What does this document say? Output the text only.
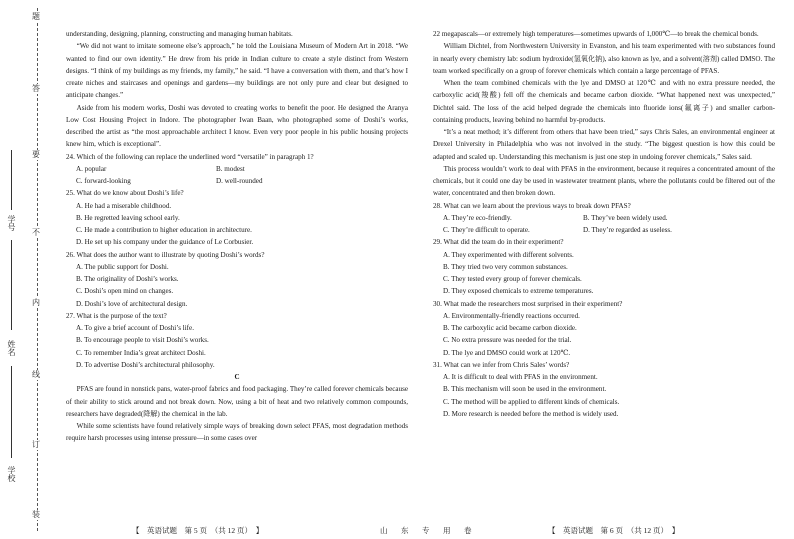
题
答
要
不
内
线
订
装
学号
姓名
学校

understanding, designing, planning, constructing and managing human habitats.

“We did not want to imitate someone else’s approach,” he told the Louisiana Museum of Modern Art in 2018. “We wanted to find our own identity.” He drew from his pride in Indian culture to create a style distinct from Western designs. “I think of my buildings as my friends, my family,” he said. “I have a conversation with them, and that’s how I create niches and staircases and openings and gardens—my buildings are not only pure and clear but designed to anticipate changes.”

Aside from his modern works, Doshi was devoted to creating works to benefit the poor. He designed the Aranya Low Cost Housing Project in Indore. The photographer Iwan Baan, who photographed some of Doshi’s works, described the artist as “the most approachable architect I know. Even very poor people in his public housing projects knew him, which is exceptional”.

24. Which of the following can replace the underlined word “versatile” in paragraph 1?

A. popular	B. modest

C. forward-looking	D. well-rounded

25. What do we know about Doshi’s life?

A. He had a miserable childhood.

B. He regretted leaving school early.

C. He made a contribution to higher education in architecture.

D. He set up his company under the guidance of Le Corbusier.

26. What does the author want to illustrate by quoting Doshi’s words?

A. The public support for Doshi.

B. The originality of Doshi’s works.

C. Doshi’s open mind on changes.

D. Doshi’s love of architectural design.

27. What is the purpose of the text?

A. To give a brief account of Doshi’s life.

B. To encourage people to visit Doshi’s works.

C. To remember India’s great architect Doshi.

D. To advertise Doshi’s architectural philosophy.

C

PFAS are found in nonstick pans, water-proof fabrics and food packaging. They’re called forever chemicals because of their ability to stick around and not break down. Now, using a bit of heat and two relatively common compounds, researchers have degraded(降解) the chemical in the lab.

While some scientists have found relatively simple ways of breaking down select PFAS, most degradation methods require harsh processes using intense pressure—in some cases over

22 megapascals—or extremely high temperatures—sometimes upwards of 1,000℃—to break the chemical bonds.

William Dichtel, from Northwestern University in Evanston, and his team experimented with two substances found in nearly every chemistry lab: sodium hydroxide(氢氧化钠), also known as lye, and a solvent(溶剂) called DMSO. The team worked specifically on a group of forever chemicals which contain a large percentage of PFAS.

When the team combined chemicals with the lye and DMSO at 120℃ and with no extra pressure needed, the carboxylic acid(羧酸) fell off the chemicals and became carbon dioxide. “What happened next was unexpected,” Dichtel said. The loss of the acid helped degrade the chemicals into fluoride ions(氟离子) and smaller carbon-containing products, leaving behind no harmful by-products.

“It’s a neat method; it’s different from others that have been tried,” says Chris Sales, an environmental engineer at Drexel University in Philadelphia who was not involved in the study. “The biggest question is how this could be adapted and scaled up. Understanding this mechanism is just one step in undoing forever chemicals,” Sales said.

This process wouldn’t work to deal with PFAS in the environment, because it requires a concentrated amount of the chemicals, but it could one day be used in wastewater treatment plants, where the pollutants could be filtered out of the water, concentrated and then broken down.

28. What can we learn about the previous ways to break down PFAS?

A. They’re eco-friendly.	B. They’ve been widely used.

C. They’re difficult to operate.	D. They’re regarded as useless.

29. What did the team do in their experiment?

A. They experimented with different solvents.

B. They tried two very common substances.

C. They tested every group of forever chemicals.

D. They exposed chemicals to extreme temperatures.

30. What made the researchers most surprised in their experiment?

A. Environmentally-friendly reactions occurred.

B. The carboxylic acid became carbon dioxide.

C. No extra pressure was needed for the trial.

D. The lye and DMSO could work at 120℃.

31. What can we infer from Chris Sales’ words?

A. It is difficult to deal with PFAS in the environment.

B. This mechanism will soon be used in the environment.

C. The method will be applied to different kinds of chemicals.

D. More research is needed before the method is widely used.

【　英语试题　第 5 页　（共 12 页）　】	山　东　专　用　卷	【　英语试题　第 6 页　（共 12 页）　】
